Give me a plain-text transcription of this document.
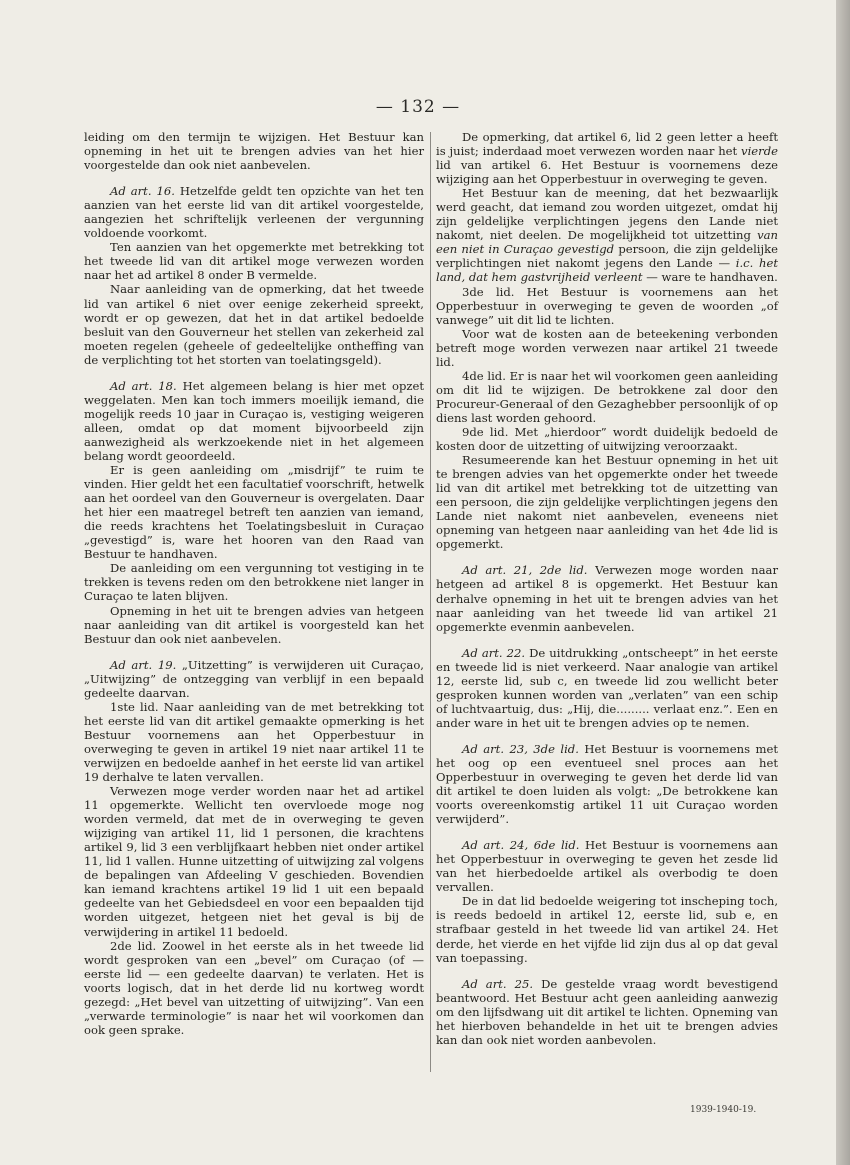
— 132 —

leiding om den termijn te wijzigen. Het Bestuur kan opneming in het uit te brengen advies van het hier voorgestelde dan ook niet aanbevelen.

Ad art. 16. Hetzelfde geldt ten opzichte van het ten aanzien van het eerste lid van dit artikel voorgestelde, aangezien het schriftelijk verleenen der vergunning voldoende voorkomt.

Ten aanzien van het opgemerkte met betrekking tot het tweede lid van dit artikel moge verwezen worden naar het ad artikel 8 onder B vermelde.

Naar aanleiding van de opmerking, dat het tweede lid van artikel 6 niet over eenige zekerheid spreekt, wordt er op gewezen, dat het in dat artikel bedoelde besluit van den Gouverneur het stellen van zekerheid zal moeten regelen (geheele of gedeeltelijke ontheffing van de verplichting tot het storten van toelatingsgeld).

Ad art. 18. Het algemeen belang is hier met opzet weggelaten. Men kan toch immers moeilijk iemand, die mogelijk reeds 10 jaar in Curaçao is, vestiging weigeren alleen, omdat op dat moment bijvoorbeeld zijn aanwezigheid als werkzoekende niet in het algemeen belang wordt geoordeeld.

Er is geen aanleiding om „misdrijf” te ruim te vinden. Hier geldt het een facultatief voorschrift, hetwelk aan het oordeel van den Gouverneur is overgelaten. Daar het hier een maatregel betreft ten aanzien van iemand, die reeds krachtens het Toelatingsbesluit in Curaçao „gevestigd” is, ware het hooren van den Raad van Bestuur te handhaven.

De aanleiding om een vergunning tot vestiging in te trekken is tevens reden om den betrokkene niet langer in Curaçao te laten blijven.

Opneming in het uit te brengen advies van hetgeen naar aanleiding van dit artikel is voorgesteld kan het Bestuur dan ook niet aanbevelen.

Ad art. 19. „Uitzetting” is verwijderen uit Curaçao, „Uitwijzing” de ontzegging van verblijf in een bepaald gedeelte daarvan.

1ste lid. Naar aanleiding van de met betrekking tot het eerste lid van dit artikel gemaakte opmerking is het Bestuur voornemens aan het Opperbestuur in overweging te geven in artikel 19 niet naar artikel 11 te verwijzen en bedoelde aanhef in het eerste lid van artikel 19 derhalve te laten vervallen.

Verwezen moge verder worden naar het ad artikel 11 opgemerkte. Wellicht ten overvloede moge nog worden vermeld, dat met de in overweging te geven wijziging van artikel 11, lid 1 personen, die krachtens artikel 9, lid 3 een verblijfkaart hebben niet onder artikel 11, lid 1 vallen. Hunne uitzetting of uitwijzing zal volgens de bepalingen van Afdeeling V geschieden. Bovendien kan iemand krachtens artikel 19 lid 1 uit een bepaald gedeelte van het Gebiedsdeel en voor een bepaalden tijd worden uitgezet, hetgeen niet het geval is bij de verwijdering in artikel 11 bedoeld.

2de lid. Zoowel in het eerste als in het tweede lid wordt gesproken van een „bevel” om Curaçao (of — eerste lid — een gedeelte daarvan) te verlaten. Het is voorts logisch, dat in het derde lid nu kortweg wordt gezegd: „Het bevel van uitzetting of uitwijzing”. Van een „verwarde terminologie” is naar het wil voorkomen dan ook geen sprake.

De opmerking, dat artikel 6, lid 2 geen letter a heeft is juist; inderdaad moet verwezen worden naar het vierde lid van artikel 6. Het Bestuur is voornemens deze wijziging aan het Opperbestuur in overweging te geven.

Het Bestuur kan de meening, dat het bezwaarlijk werd geacht, dat iemand zou worden uitgezet, omdat hij zijn geldelijke verplichtingen jegens den Lande niet nakomt, niet deelen. De mogelijkheid tot uitzetting van een niet in Curaçao gevestigd persoon, die zijn geldelijke verplichtingen niet nakomt jegens den Lande — i.c. het land, dat hem gastvrijheid verleent — ware te handhaven.

3de lid. Het Bestuur is voornemens aan het Opperbestuur in overweging te geven de woorden „of vanwege” uit dit lid te lichten.

Voor wat de kosten aan de beteekening verbonden betreft moge worden verwezen naar artikel 21 tweede lid.

4de lid. Er is naar het wil voorkomen geen aanleiding om dit lid te wijzigen. De betrokkene zal door den Procureur-Generaal of den Gezaghebber persoonlijk of op diens last worden gehoord.

9de lid. Met „hierdoor” wordt duidelijk bedoeld de kosten door de uitzetting of uitwijzing veroorzaakt.

Resumeerende kan het Bestuur opneming in het uit te brengen advies van het opgemerkte onder het tweede lid van dit artikel met betrekking tot de uitzetting van een persoon, die zijn geldelijke verplichtingen jegens den Lande niet nakomt niet aanbevelen, eveneens niet opneming van hetgeen naar aanleiding van het 4de lid is opgemerkt.

Ad art. 21, 2de lid. Verwezen moge worden naar hetgeen ad artikel 8 is opgemerkt. Het Bestuur kan derhalve opneming in het uit te brengen advies van het naar aanleiding van het tweede lid van artikel 21 opgemerkte evenmin aanbevelen.

Ad art. 22. De uitdrukking „ontscheept” in het eerste en tweede lid is niet verkeerd. Naar analogie van artikel 12, eerste lid, sub c, en tweede lid zou wellicht beter gesproken kunnen worden van „verlaten” van een schip of luchtvaartuig, dus: „Hij, die......... verlaat enz.”. Een en ander ware in het uit te brengen advies op te nemen.

Ad art. 23, 3de lid. Het Bestuur is voornemens met het oog op een eventueel snel proces aan het Opperbestuur in overweging te geven het derde lid van dit artikel te doen luiden als volgt: „De betrokkene kan voorts overeenkomstig artikel 11 uit Curaçao worden verwijderd”.

Ad art. 24, 6de lid. Het Bestuur is voornemens aan het Opperbestuur in overweging te geven het zesde lid van het hierbedoelde artikel als overbodig te doen vervallen.

De in dat lid bedoelde weigering tot inscheping toch, is reeds bedoeld in artikel 12, eerste lid, sub e, en strafbaar gesteld in het tweede lid van artikel 24. Het derde, het vierde en het vijfde lid zijn dus al op dat geval van toepassing.

Ad art. 25. De gestelde vraag wordt bevestigend beantwoord. Het Bestuur acht geen aanleiding aanwezig om den lijfsdwang uit dit artikel te lichten. Opneming van het hierboven behandelde in het uit te brengen advies kan dan ook niet worden aanbevolen.

1939-1940-19.
